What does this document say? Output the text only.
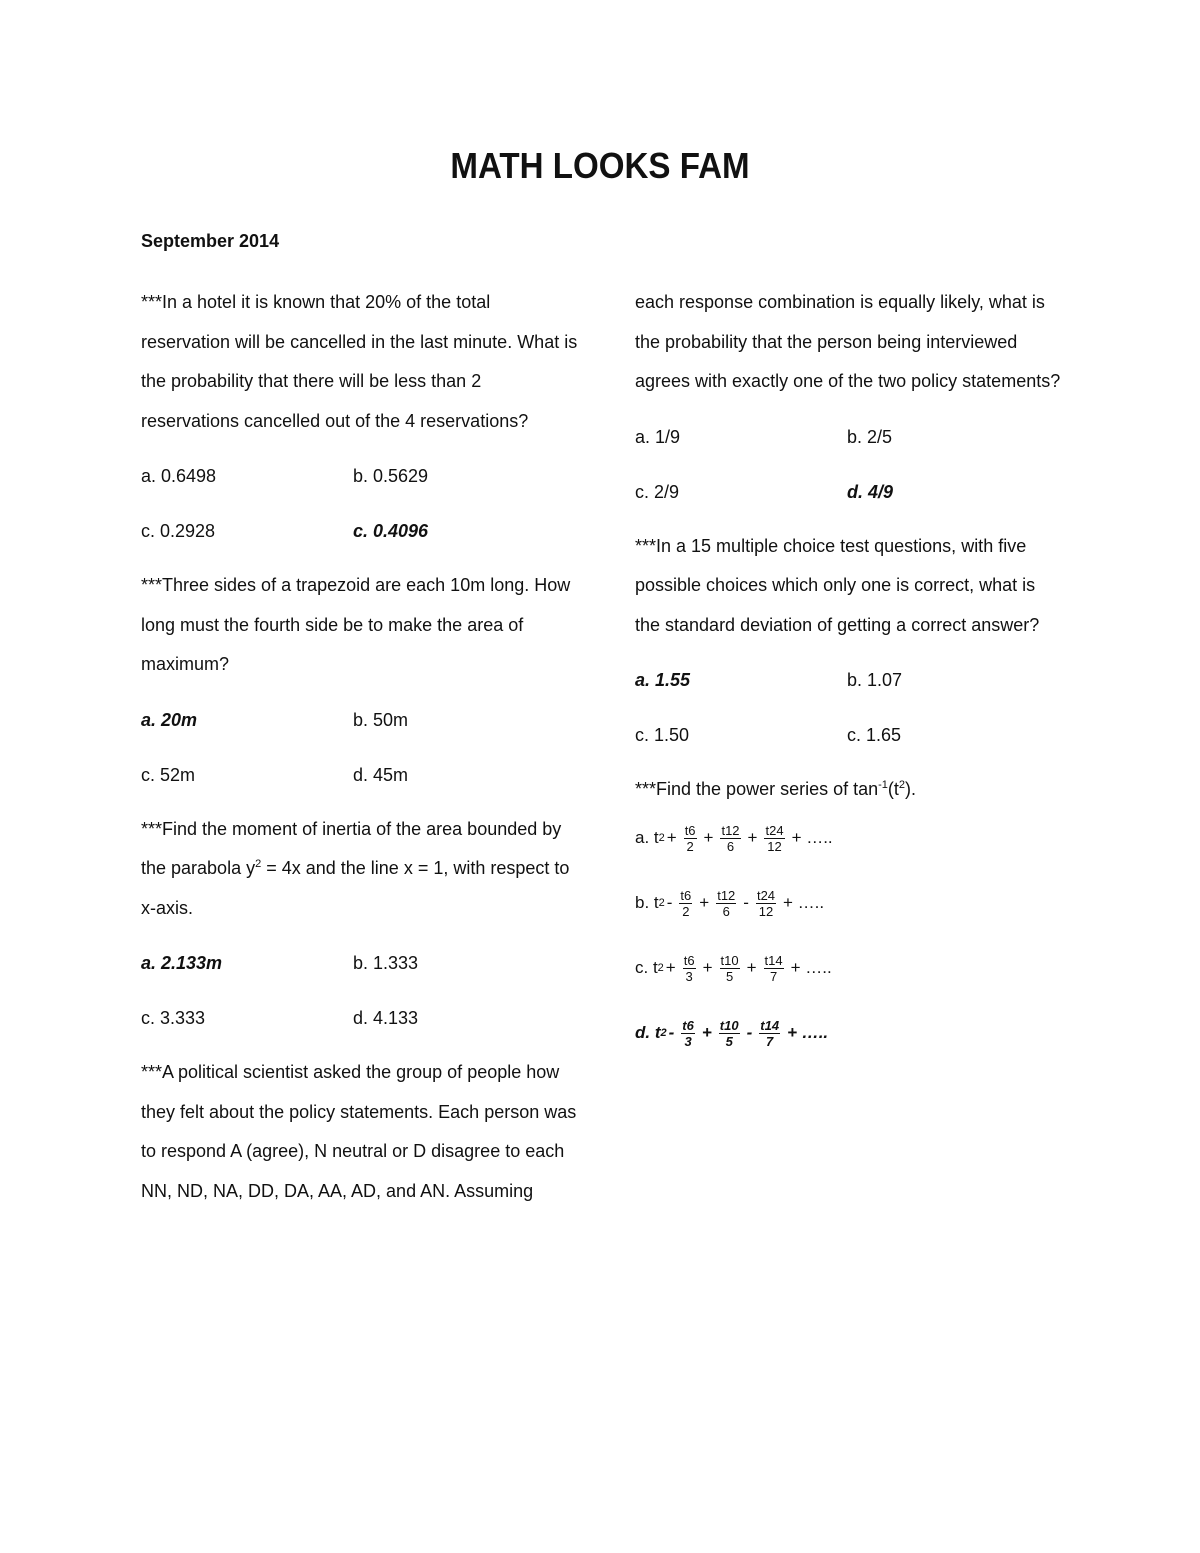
MATH LOOKS FAM
September 2014

***In a hotel it is known that 20% of the total reservation will be cancelled in the last minute. What is the probability that there will be less than 2 reservations cancelled out of the 4 reservations?

a. 0.6498	b. 0.5629
c. 0.2928	c. 0.4096

***Three sides of a trapezoid are each 10m long. How long must the fourth side be to make the area of maximum?

a. 20m	b. 50m
c. 52m	d. 45m

***Find the moment of inertia of the area bounded by the parabola $y^2 = 4x$ and the line x = 1, with respect to x-axis.

a. 2.133m	b. 1.333
c. 3.333	d. 4.133

***A political scientist asked the group of people how they felt about the policy statements. Each person was to respond A (agree), N neutral or D disagree to each NN, ND, NA, DD, DA, AA, AD, and AN. Assuming

each response combination is equally likely, what is the probability that the person being interviewed agrees with exactly one of the two policy statements?

a. 1/9	b. 2/5
c. 2/9	d. 4/9

***In a 15 multiple choice test questions, with five possible choices which only one is correct, what is the standard deviation of getting a correct answer?

a. 1.55	b. 1.07
c. 1.50	c. 1.65

***Find the power series of $\tan^{-1}(t^2)$.

a. t $2 + \frac{t6}{2} + \frac{t12}{6} + \frac{t24}{12}$ + …..
b. t $2 - \frac{t6}{2} + \frac{t12}{6} - \frac{t24}{12}$ + …..
c. t $2 + \frac{t6}{3} + \frac{t10}{5} + \frac{t14}{7}$ + …..
d. t $2 - \frac{t6}{3} + \frac{t10}{5} - \frac{t14}{7}$ + …..
